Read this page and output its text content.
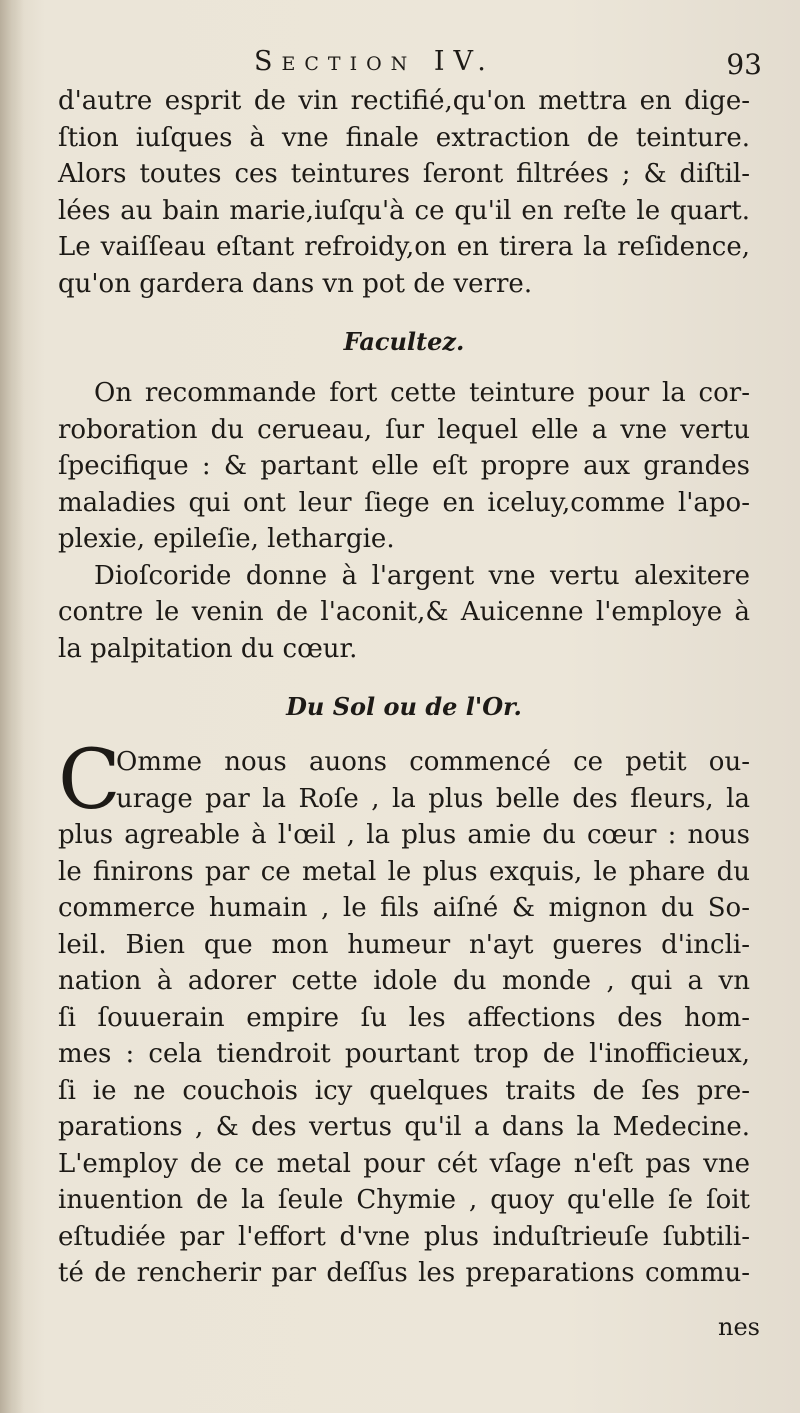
Section IV.	93

d'autre esprit de vin rectifié,qu'on mettra en dige-

ſtion iuſques à vne finale extraction de teinture.

Alors toutes ces teintures ſeront filtrées ; & diſtil-

lées au bain marie,iuſqu'à ce qu'il en reſte le quart.

Le vaiſſeau eſtant refroidy,on en tirera la reſidence,

qu'on gardera dans vn pot de verre.

Facultez.

On recommande fort cette teinture pour la cor-

roboration du cerueau, ſur lequel elle a vne vertu

ſpecifique : & partant elle eſt propre aux grandes

maladies qui ont leur ſiege en iceluy,comme l'apo-

plexie, epileſie, lethargie.

Dioſcoride donne à l'argent vne vertu alexitere

contre le venin de l'aconit,& Auicenne l'employe à

la palpitation du cœur.

Du Sol ou de l'Or.
C

Omme nous auons commencé ce petit ou-

urage par la Roſe , la plus belle des fleurs, la

plus agreable à l'œil , la plus amie du cœur : nous

le finirons par ce metal le plus exquis, le phare du

commerce humain , le fils aiſné & mignon du So-

leil. Bien que mon humeur n'ayt gueres d'incli-

nation à adorer cette idole du monde , qui a vn

ſi ſouuerain empire ſu les affections des hom-

mes : cela tiendroit pourtant trop de l'inofficieux,

ſi ie ne couchois icy quelques traits de ſes pre-

parations , & des vertus qu'il a dans la Medecine.

L'employ de ce metal pour cét vſage n'eſt pas vne

inuention de la ſeule Chymie , quoy qu'elle ſe ſoit

eſtudiée par l'effort d'vne plus induſtrieuſe ſubtili-

té de rencherir par deſſus les preparations commu-

nes
